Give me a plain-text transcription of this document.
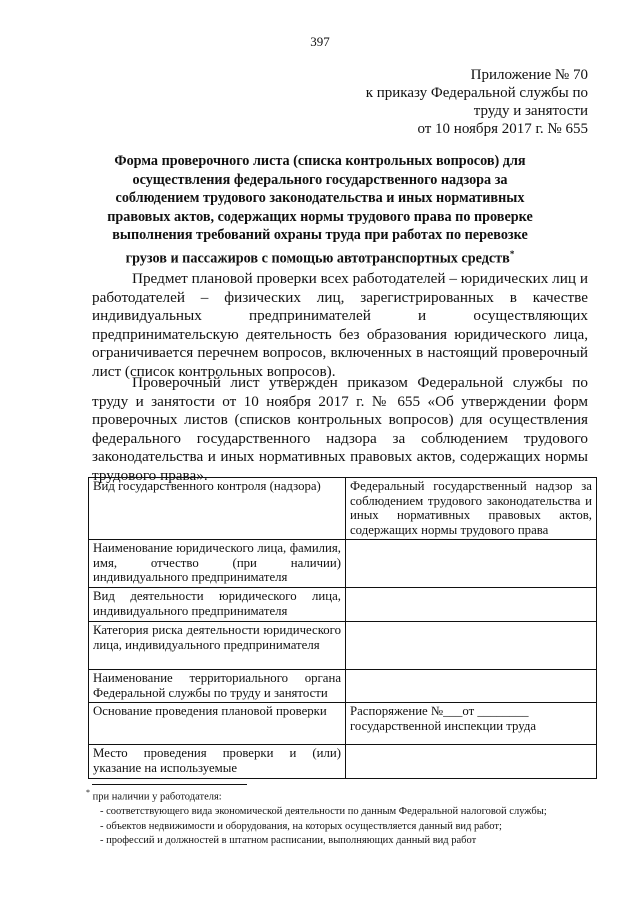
397
Приложение № 70
к приказу Федеральной службы по
труду и занятости
от 10 ноября 2017 г. № 655
Форма проверочного листа (списка контрольных вопросов) для осуществления федерального государственного надзора за соблюдением трудового законодательства и иных нормативных правовых актов, содержащих нормы трудового права по проверке выполнения требований охраны труда при работах по перевозке грузов и пассажиров с помощью автотранспортных средств*

Предмет плановой проверки всех работодателей – юридических лиц и работодателей – физических лиц, зарегистрированных в качестве индивидуальных предпринимателей и осуществляющих предпринимательскую деятельность без образования юридического лица, ограничивается перечнем вопросов, включенных в настоящий проверочный лист (список контрольных вопросов).

Проверочный лист утвержден приказом Федеральной службы по труду и занятости от 10 ноября 2017 г. № 655 «Об утверждении форм проверочных листов (списков контрольных вопросов) для осуществления федерального государственного надзора за соблюдением трудового законодательства и иных нормативных правовых актов, содержащих нормы трудового права».

Вид государственного контроля (надзора)	Федеральный государственный надзор за соблюдением трудового законодательства и иных нормативных правовых актов, содержащих нормы трудового права
Наименование юридического лица, фамилия, имя, отчество (при наличии) индивидуального предпринимателя	
Вид деятельности юридического лица, индивидуального предпринимателя	
Категория риска деятельности юридического лица, индивидуального предпринимателя	
Наименование территориального органа Федеральной службы по труду и занятости	
Основание проведения плановой проверки	Распоряжение №___от ________
государственной инспекции труда

Место проведения проверки и (или) указание на используемые	
* при наличии у работодателя:
- соответствующего вида экономической деятельности по данным Федеральной налоговой службы;
- объектов недвижимости и оборудования, на которых осуществляется данный вид работ;
- профессий и должностей в штатном расписании, выполняющих данный вид работ
